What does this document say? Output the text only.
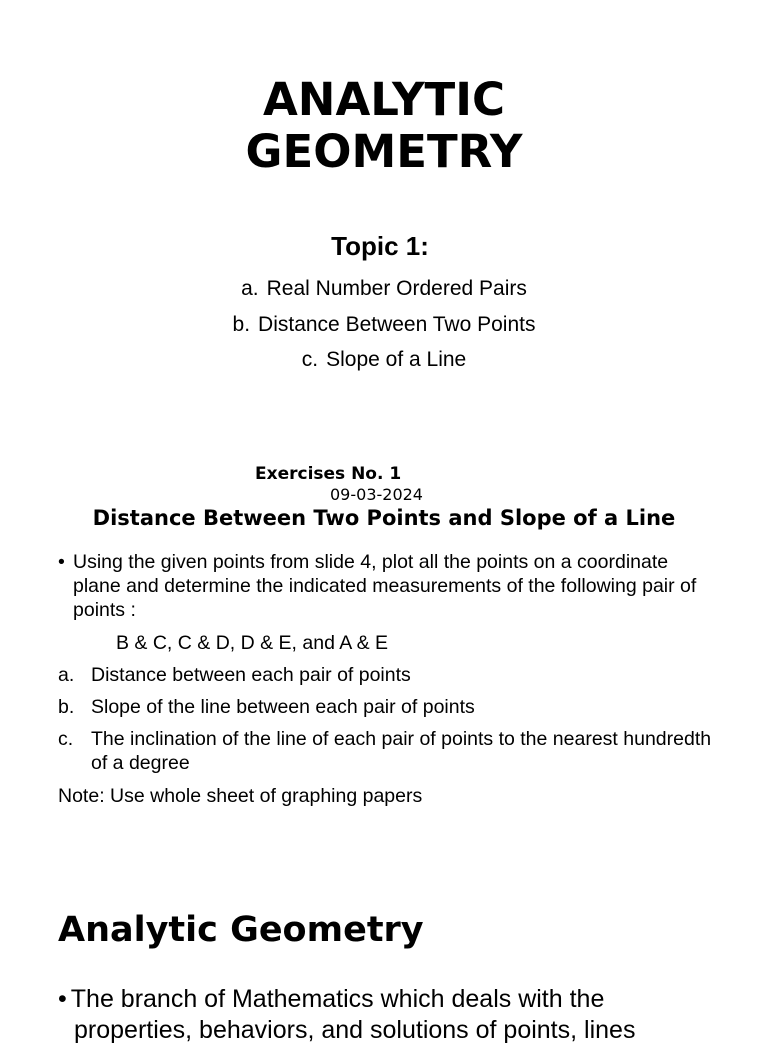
ANALYTIC
GEOMETRY
Topic 1:
a. Real Number Ordered Pairs
b. Distance Between Two Points
c. Slope of a Line
Exercises No. 1
09-03-2024
Distance Between Two Points and Slope of a Line
• Using the given points from slide 4, plot all the points on a coordinate plane and determine the indicated measurements of the following pair of points :
B & C, C & D, D & E, and A & E
a. Distance between each pair of points
b. Slope of the line between each pair of points
c. The inclination of the line of each pair of points to the nearest hundredth of a degree
Note: Use whole sheet of graphing papers
Analytic Geometry
• The branch of Mathematics which deals with the
properties, behaviors, and solutions of points, lines
